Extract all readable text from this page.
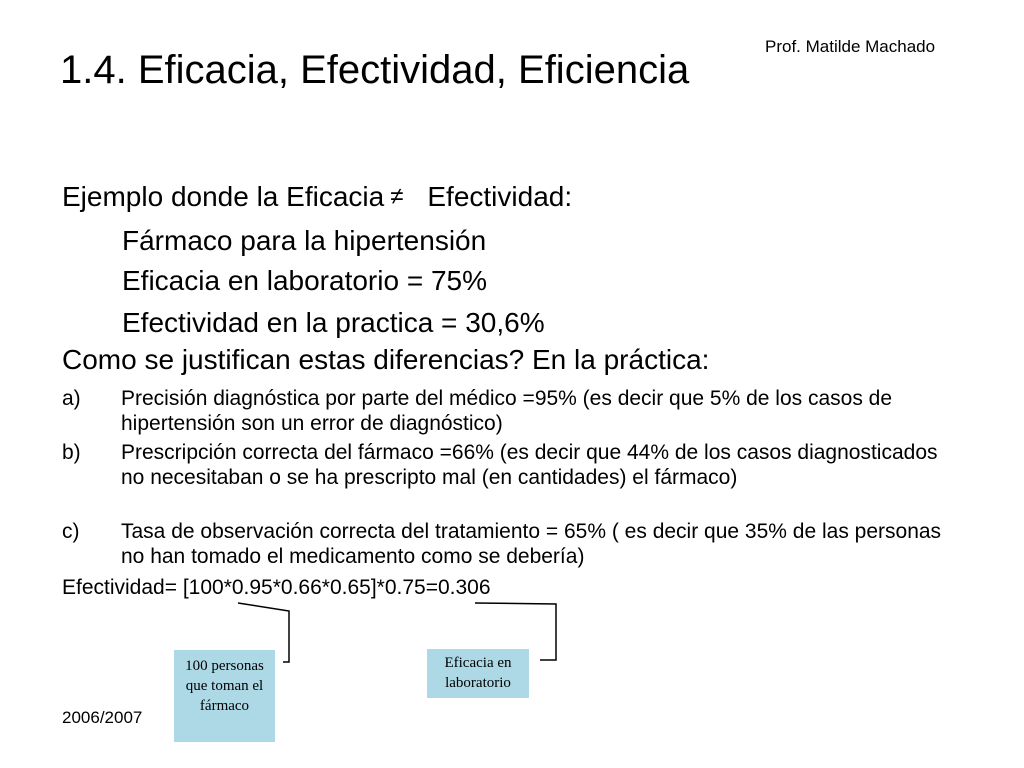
Prof. Matilde Machado
1.4. Eficacia, Efectividad, Eficiencia
Ejemplo donde la Eficacia ≠ Efectividad:
Fármaco para la hipertensión
Eficacia en laboratorio = 75%
Efectividad en la practica = 30,6%
Como se justifican estas diferencias? En la práctica:
a) Precisión diagnóstica por parte del médico =95% (es decir que 5% de los casos de hipertensión son un error de diagnóstico)
b) Prescripción correcta del fármaco =66% (es decir que 44% de los casos diagnosticados no necesitaban o se ha prescripto mal (en cantidades) el fármaco)
c) Tasa de observación correcta del tratamiento = 65% ( es decir que 35% de las personas no han tomado el medicamento como se debería)
Efectividad= [100*0.95*0.66*0.65]*0.75=0.306
100 personas que toman el fármaco
Eficacia en laboratorio
2006/2007
